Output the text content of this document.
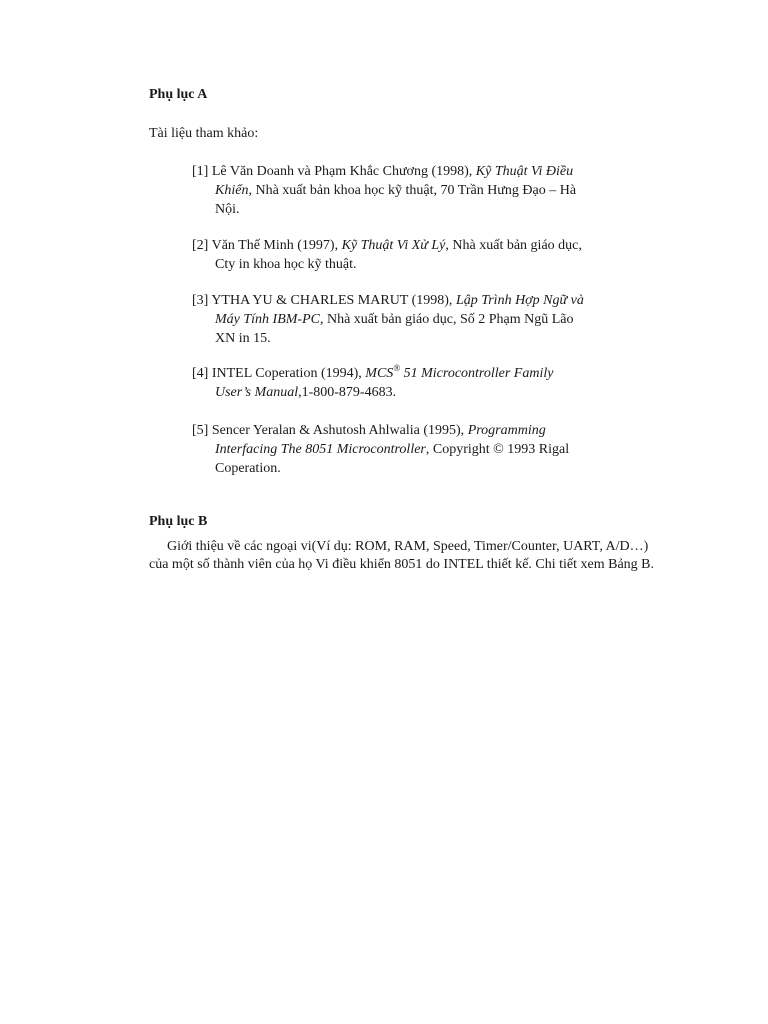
Phụ lục A
Tài liệu tham khảo:
[1] Lê Văn Doanh và Phạm Khắc Chương (1998), Kỹ Thuật Vi Điều
Khiển, Nhà xuất bản khoa học kỹ thuật, 70 Trần Hưng Đạo – Hà
Nội.
[2] Văn Thế Minh (1997), Kỹ Thuật Vi Xử Lý, Nhà xuất bản giáo dục,
Cty in khoa học kỹ thuật.
[3] YTHA YU & CHARLES MARUT (1998), Lập Trình Hợp Ngữ và
Máy Tính IBM-PC, Nhà xuất bản giáo dục, Số 2 Phạm Ngũ Lão
XN in 15.
[4] INTEL Coperation (1994), MCS® 51 Microcontroller Family
User’s Manual,1-800-879-4683.
[5] Sencer Yeralan & Ashutosh Ahlwalia (1995), Programming
Interfacing The 8051 Microcontroller, Copyright © 1993 Rigal
Coperation.
Phụ lục B
Giới thiệu về các ngoại vi(Ví dụ: ROM, RAM, Speed, Timer/Counter, UART, A/D…) của một số thành viên của họ Vi điều khiển 8051 do INTEL thiết kế. Chi tiết xem Bảng B.
